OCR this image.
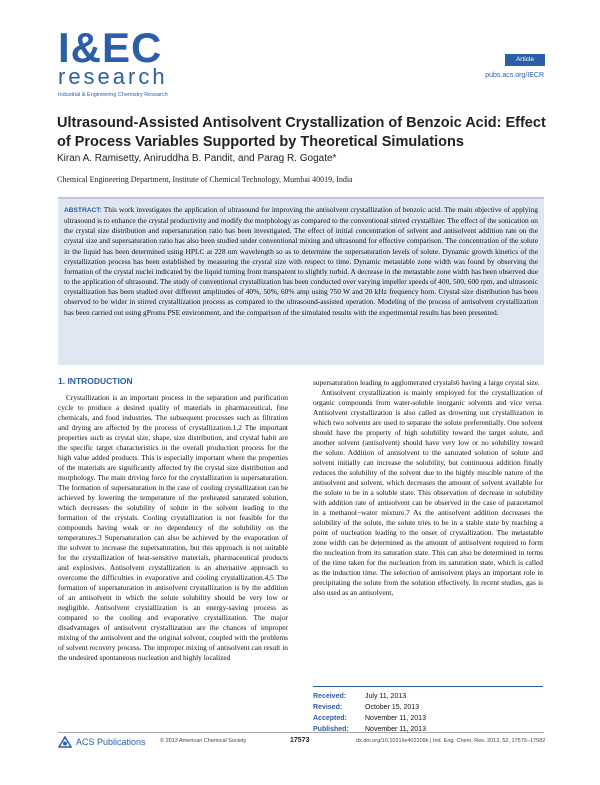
I&EC
research
Industrial & Engineering Chemistry Research
Article
pubs.acs.org/IECR
Ultrasound-Assisted Antisolvent Crystallization of Benzoic Acid: Effect of Process Variables Supported by Theoretical Simulations
Kiran A. Ramisetty, Aniruddha B. Pandit, and Parag R. Gogate*
Chemical Engineering Department, Institute of Chemical Technology, Mumbai 40019, India
ABSTRACT: This work investigates the application of ultrasound for improving the antisolvent crystallization of benzoic acid. The main objective of applying ultrasound is to enhance the crystal productivity and modify the morphology as compared to the conventional stirred crystallizer. The effect of the sonication on the crystal size distribution and supersaturation ratio has been investigated. The effect of initial concentration of solvent and antisolvent addition rate on the crystal size and supersaturation ratio has also been studied under conventional mixing and ultrasound for effective comparison. The concentration of the solute in the liquid has been determined using HPLC at 228 nm wavelength so as to determine the supersaturation levels of solute. Dynamic growth kinetics of the crystallization process has been established by measuring the crystal size with respect to time. Dynamic metastable zone width was found by observing the formation of the crystal nuclei indicated by the liquid turning from transparent to slightly turbid. A decrease in the metastable zone width has been observed due to the application of ultrasound. The study of conventional crystallization has been conducted over varying impeller speeds of 400, 500, 600 rpm, and ultrasonic crystallization has been studied over different amplitudes of 40%, 50%, 60% amp using 750 W and 20 kHz frequency horn. Crystal size distribution has been observed to be wider in stirred crystallization process as compared to the ultrasound-assisted operation. Modeling of the process of antisolvent crystallization has been carried out using gProms PSE environment, and the comparison of the simulated results with the experimental results has been presented.
1. INTRODUCTION

Crystallization is an important process in the separation and purification cycle to produce a desired quality of materials in pharmaceutical, fine chemicals, and food industries. The subsequent processes such as filtration and drying are affected by the process of crystallization.1,2 The important properties such as crystal size, shape, size distribution, and crystal habit are the specific target characteristics in the overall production process for the high value added products. This is especially important where the properties of the materials are significantly affected by the crystal size distribution and morphology. The main driving force for the crystallization is supersaturation. The formation of supersaturation in the case of cooling crystallization can be achieved by lowering the temperature of the preheated saturated solution, which decreases the solubility of solute in the solvent leading to the formation of the crystals. Cooling crystallization is not feasible for the compounds having weak or no dependency of the solubility on the temperatures.3 Supersaturation can also be achieved by the evaporation of the solvent to increase the supersaturation, but this approach is not suitable for the crystallization of heat-sensitive materials, pharmaceutical products and explosives. Antisolvent crystallization is an alternative approach to overcome the difficulties in evaporative and cooling crystallization.4,5 The formation of supersaturation in antisolvent crystallization is by the addition of an antisolvent in which the solute solubility should be very low or negligible. Antisolvent crystallization is an energy-saving process as compared to the cooling and evaporative crystallization. The major disadvantages of antisolvent crystallization are the chances of improper mixing of the antisolvent and the original solvent, coupled with the problems of solvent recovery process. The improper mixing of antisolvent can result in the undesired spontaneous nucleation and highly localized

supersaturation leading to agglomerated crystals6 having a large crystal size.

Antisolvent crystallization is mainly employed for the crystallization of organic compounds from water-soluble inorganic solvents and vice versa. Antisolvent crystallization is also called as drowning out crystallization in which two solvents are used to separate the solute preferentially. One solvent should have the property of high solubility toward the target solute, and another solvent (antisolvent) should have very low or no solubility toward the solute. Addition of antisolvent to the saturated solution of solute and solvent initially can increase the solubility, but continuous addition finally reduces the solubility of the solvent due to the highly miscible nature of the antisolvent and solvent, which decreases the amount of solvent available for the solute to be in a soluble state. This observation of decrease in solubility with addition rate of antisolvent can be observed in the case of paracetamol in a methanol−water mixture.7 As the antisolvent addition decreases the solubility of the solute, the solute tries to be in a stable state by reaching a point of nucleation leading to the onset of crystallization. The metastable zone width can be determined as the amount of antisolvent required to form the nucleation from its saturation state. This can also be determined in terms of the time taken for the nucleation from its saturation state, which is called as the induction time. The selection of antisolvent plays an important role in precipitating the solute from the solution effectively. In recent studies, gas is also used as an antisolvent,

Received:	July 11, 2013
Revised:	October 15, 2013
Accepted:	November 11, 2013
Published:	November 11, 2013
ACS Publications	© 2013 American Chemical Society	17573	dx.doi.org/10.1021/ie402209k | Ind. Eng. Chem. Res. 2013, 52, 17573−17582
